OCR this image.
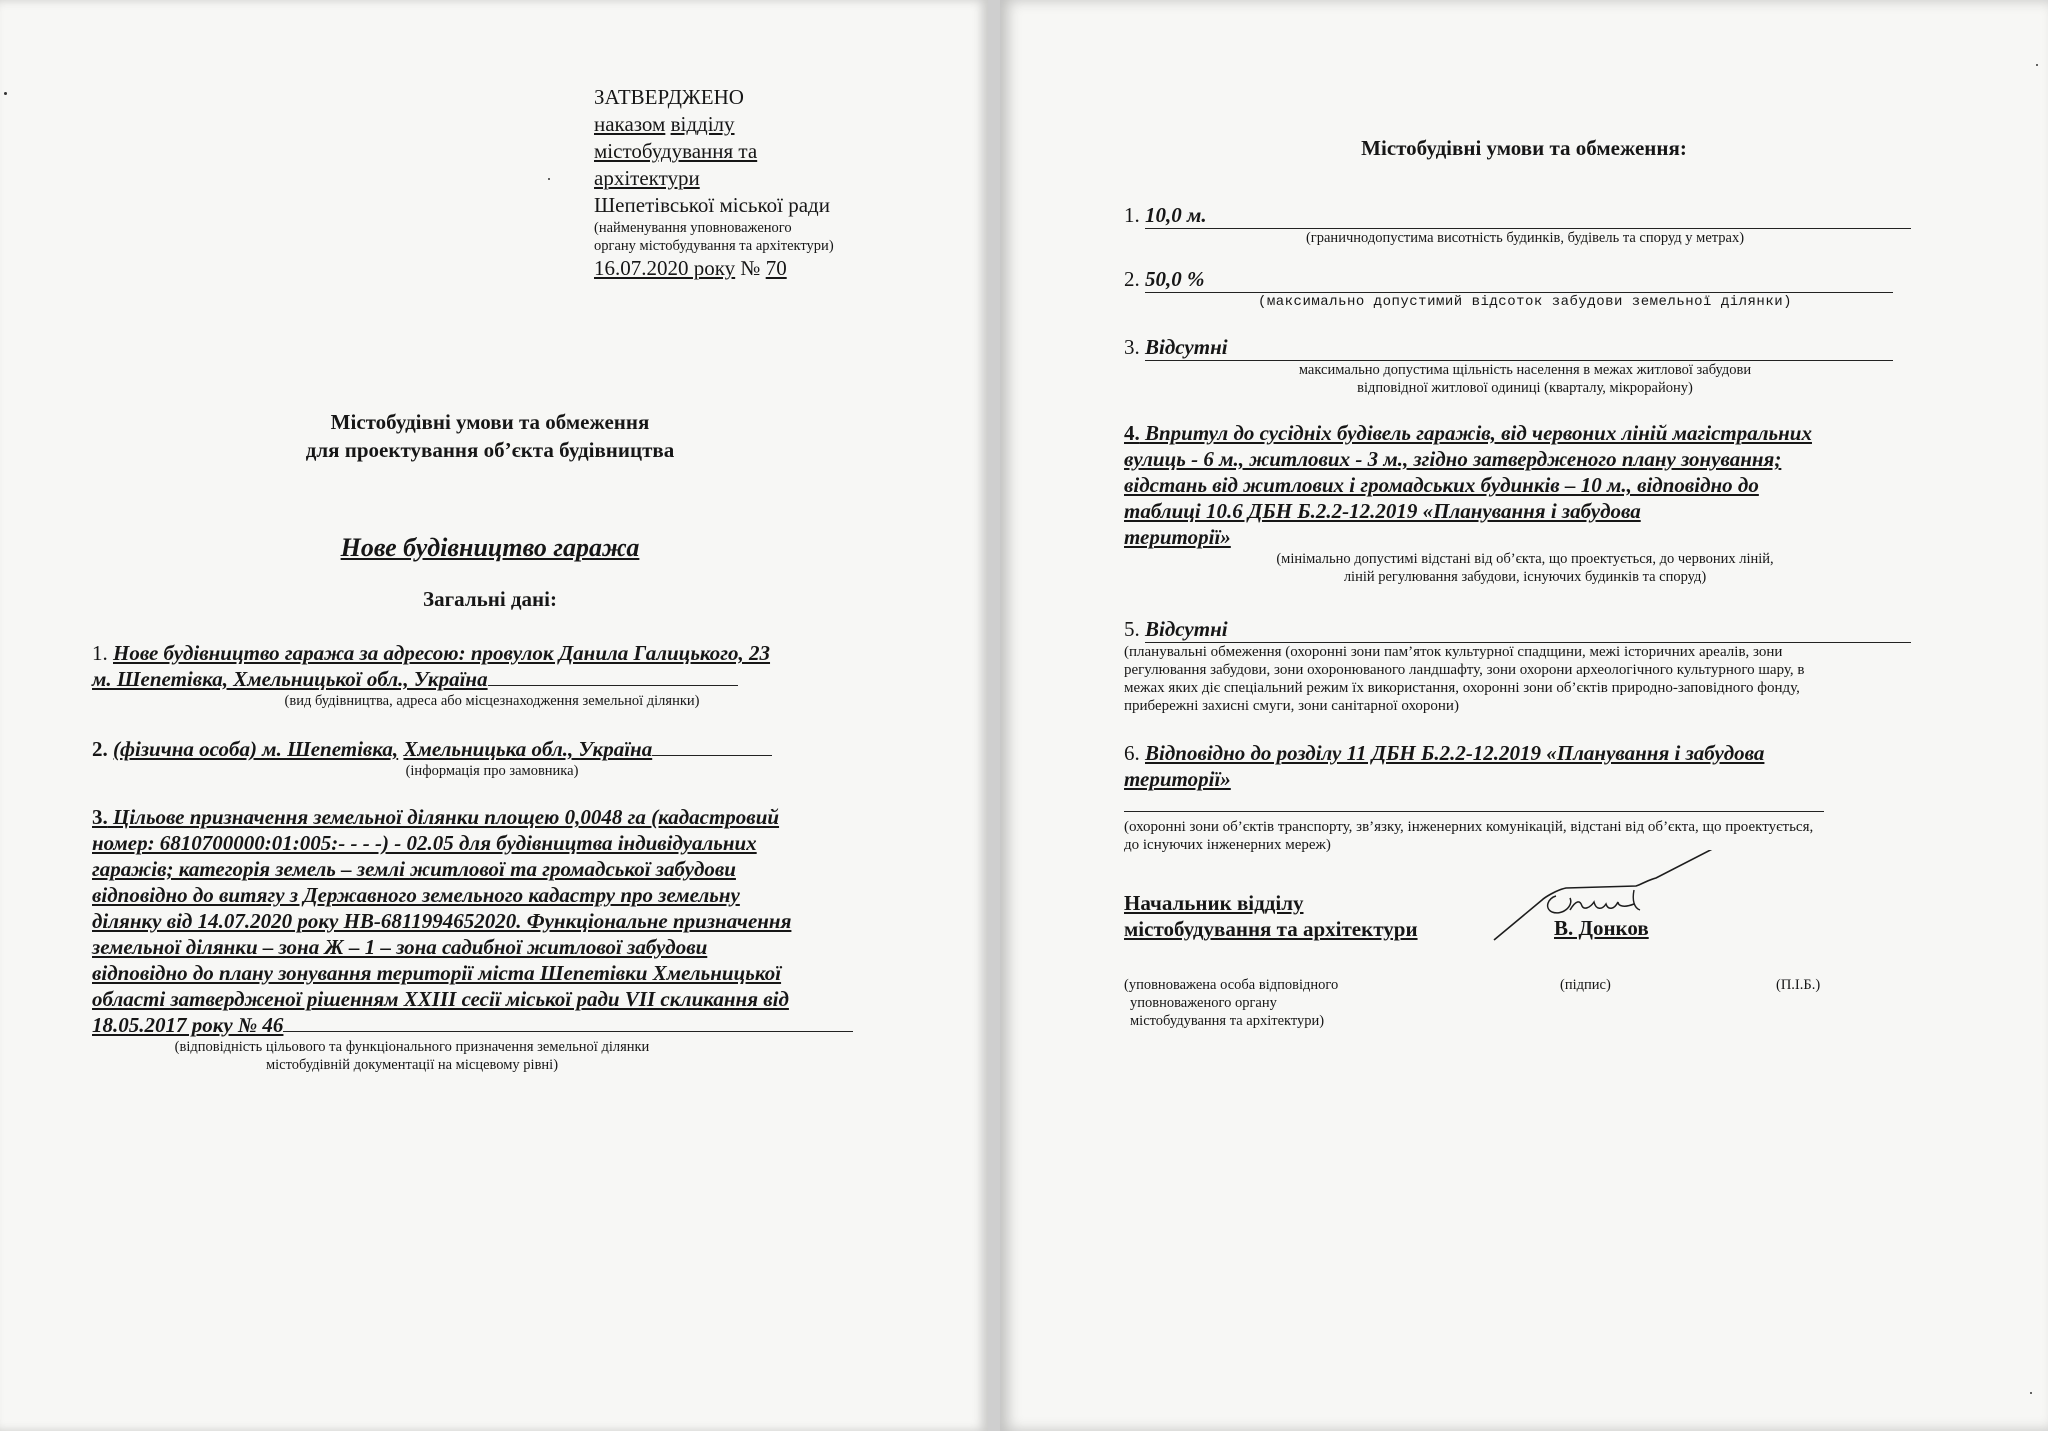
ЗАТВЕРДЖЕНО
наказом відділу
містобудування та
архітектури
Шепетівської міської ради
(найменування уповноваженого
органу містобудування та архітектури)
16.07.2020 року № 70
Містобудівні умови та обмеження
для проектування об’єкта будівництва
Нове будівництво гаража
Загальні дані:
1. Нове будівництво гаража за адресою: провулок Данила Галицького, 23
м. Шепетівка, Хмельницької обл., Україна
(вид будівництва, адреса або місцезнаходження земельної ділянки)
2. (фізична особа) м. Шепетівка, Хмельницька обл., Україна
(інформація про замовника)
3. Цільове призначення земельної ділянки площею 0,0048 га (кадастровий
номер: 6810700000:01:005:- - - -) - 02.05 для будівництва індивідуальних
гаражів; категорія земель – землі житлової та громадської забудови
відповідно до витягу з Державного земельного кадастру про земельну
ділянку від 14.07.2020 року НВ-6811994652020. Функціональне призначення
земельної ділянки – зона Ж – 1 – зона садибної житлової забудови
відповідно до плану зонування території міста Шепетівки Хмельницької
області затвердженої рішенням ХХІІІ сесії міської ради VII скликання від
18.05.2017 року № 46
(відповідність цільового та функціонального призначення земельної ділянки
містобудівній документації на місцевому рівні)
Містобудівні умови та обмеження:
1. 10,0 м.
(граничнодопустима висотність будинків, будівель та споруд у метрах)
2. 50,0 %
(максимально допустимий відсоток забудови земельної ділянки)
3. Відсутні
максимально допустима щільність населення в межах житлової забудови
відповідної житлової одиниці (кварталу, мікрорайону)
4. Впритул до сусідніх будівель гаражів, від червоних ліній магістральних
вулиць - 6 м., житлових - 3 м., згідно затвердженого плану зонування;
відстань від житлових і громадських будинків – 10 м., відповідно до
таблиці 10.6 ДБН Б.2.2-12.2019 «Планування і забудова
території»
(мінімально допустимі відстані від об’єкта, що проектується, до червоних ліній,
ліній регулювання забудови, існуючих будинків та споруд)
5. Відсутні
(планувальні обмеження (охоронні зони пам’яток культурної спадщини, межі історичних ареалів, зони
регулювання забудови, зони охоронюваного ландшафту, зони охорони археологічного культурного шару, в
межах яких діє спеціальний режим їх використання, охоронні зони об’єктів природно-заповідного фонду,
прибережні захисні смуги, зони санітарної охорони)
6. Відповідно до розділу 11 ДБН Б.2.2-12.2019 «Планування і забудова
території»
(охоронні зони об’єктів транспорту, зв’язку, інженерних комунікацій, відстані від об’єкта, що проектується,
до існуючих інженерних мереж)
Начальник відділу
містобудування та архітектури	В. Донков
(уповноважена особа відповідного
уповноваженого органу
містобудування та архітектури)
(підпис)	(П.І.Б.)
